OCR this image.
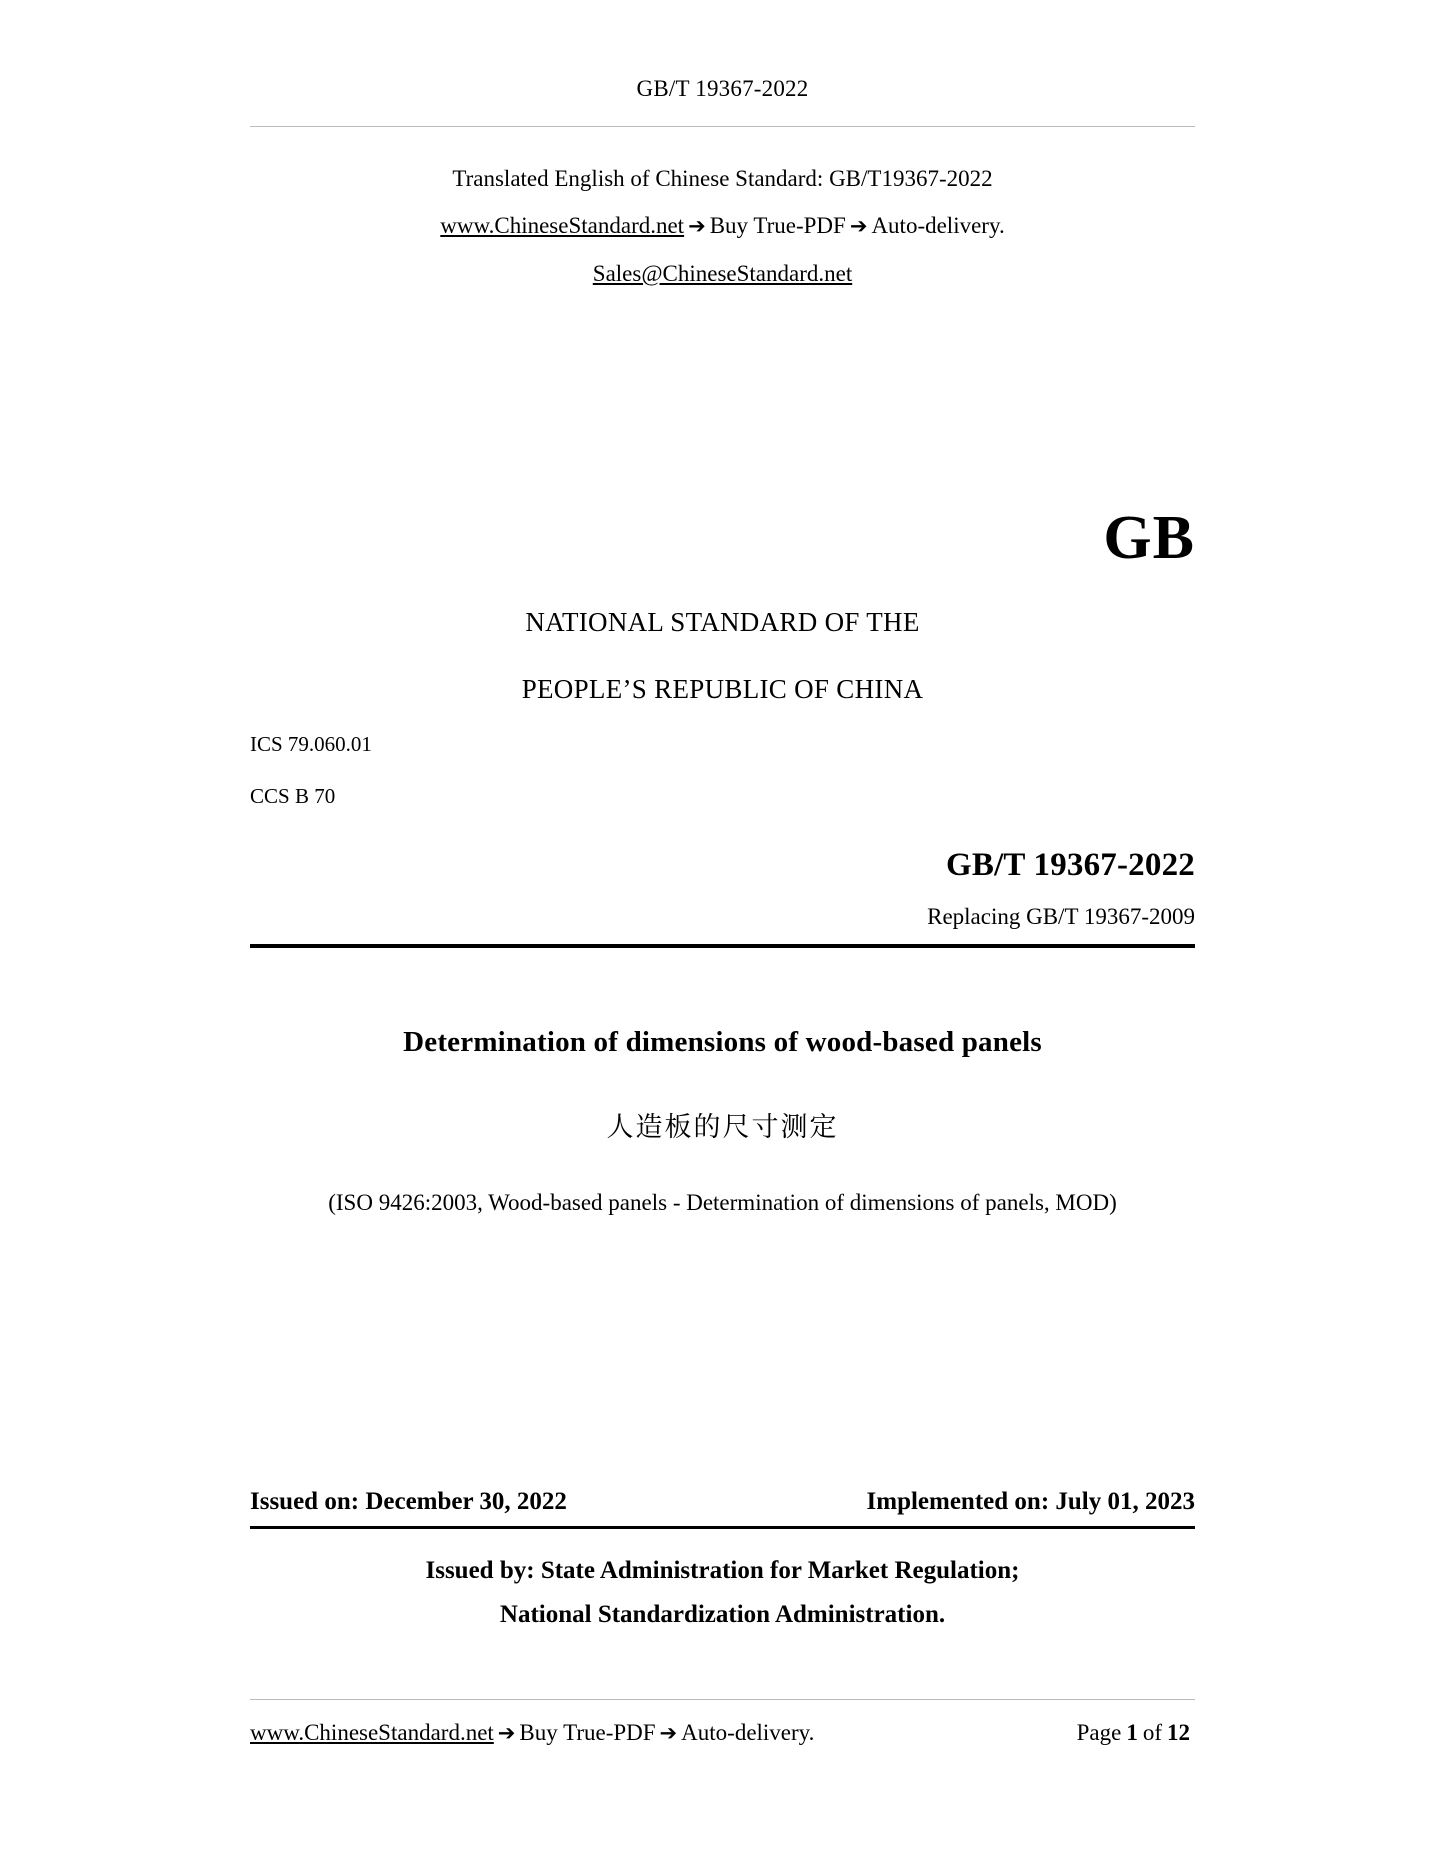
GB/T 19367-2022
Translated English of Chinese Standard: GB/T19367-2022
www.ChineseStandard.net ➔ Buy True-PDF ➔ Auto-delivery.
Sales@ChineseStandard.net
GB
NATIONAL STANDARD OF THE
PEOPLE’S REPUBLIC OF CHINA
ICS 79.060.01
CCS B 70
GB/T 19367-2022
Replacing GB/T 19367-2009
Determination of dimensions of wood-based panels
人造板的尺寸测定
(ISO 9426:2003, Wood-based panels - Determination of dimensions of panels, MOD)
Issued on: December 30, 2022	Implemented on: July 01, 2023
Issued by: State Administration for Market Regulation;
National Standardization Administration.
www.ChineseStandard.net ➔ Buy True-PDF ➔ Auto-delivery.	Page 1 of 12
